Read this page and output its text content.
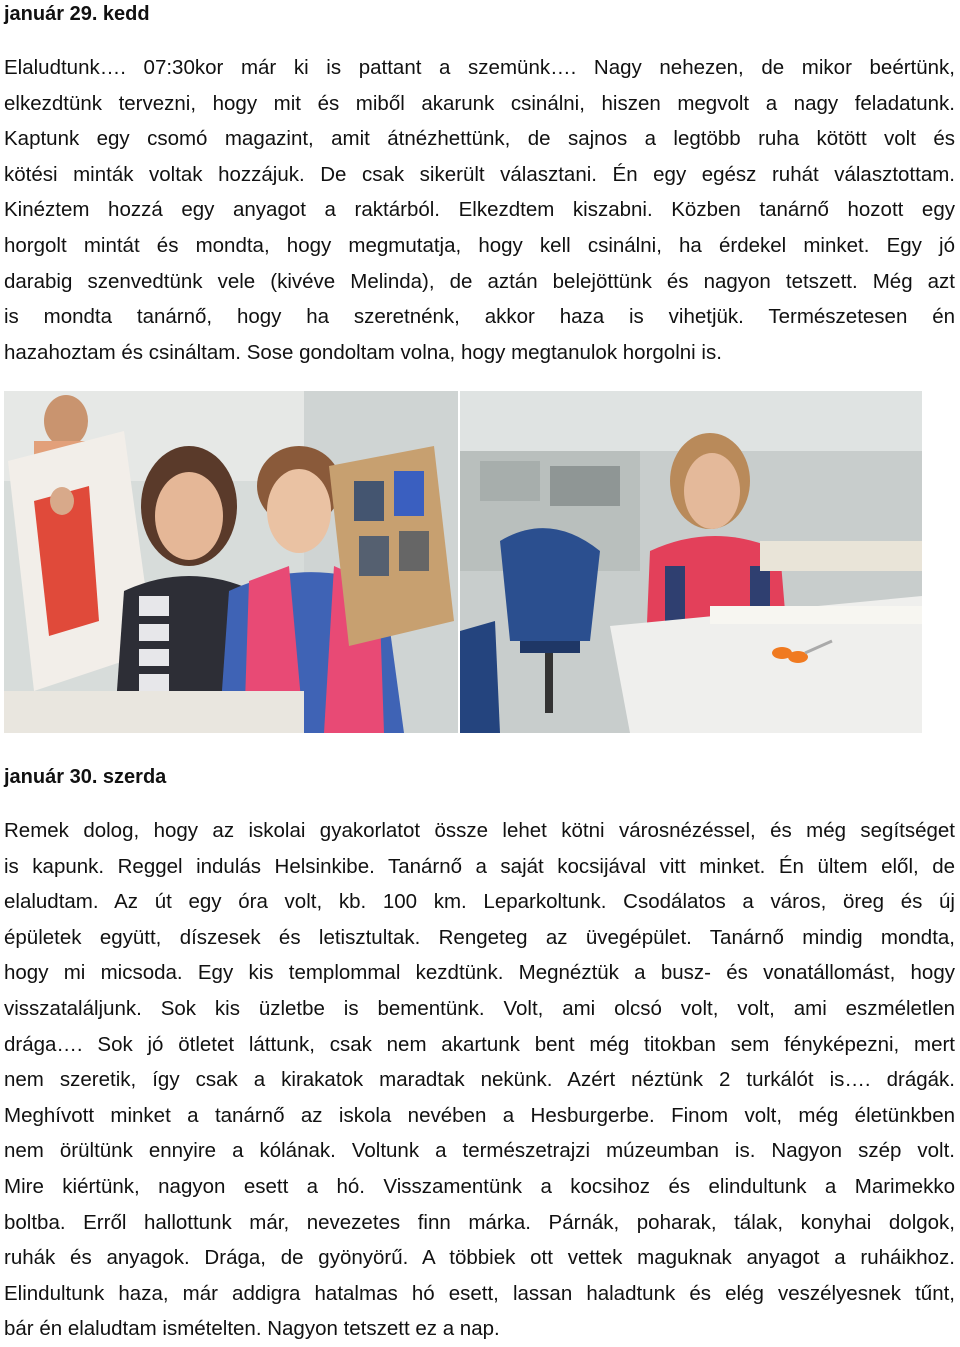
január 29. kedd
Elaludtunk…. 07:30kor már ki is pattant a szemünk…. Nagy nehezen, de mikor beértünk,
elkezdtünk tervezni, hogy mit és miből akarunk csinálni, hiszen megvolt a nagy feladatunk.
Kaptunk egy csomó magazint, amit átnézhettünk, de sajnos a legtöbb ruha kötött volt és
kötési minták voltak hozzájuk. De csak sikerült választani. Én egy egész ruhát választottam.
Kinéztem hozzá egy anyagot a raktárból. Elkezdtem kiszabni. Közben tanárnő hozott egy
horgolt mintát és mondta, hogy megmutatja, hogy kell csinálni, ha érdekel minket. Egy jó
darabig szenvedtünk vele (kivéve Melinda), de aztán belejöttünk és nagyon tetszett. Még azt
is mondta tanárnő, hogy ha szeretnénk, akkor haza is vihetjük. Természetesen én
hazahoztam és csináltam. Sose gondoltam volna, hogy megtanulok horgolni is.
január 30. szerda
Remek dolog, hogy az iskolai gyakorlatot össze lehet kötni városnézéssel, és még segítséget
is kapunk. Reggel indulás Helsinkibe. Tanárnő a saját kocsijával vitt minket. Én ültem elől, de
elaludtam. Az út egy óra volt, kb. 100 km. Leparkoltunk. Csodálatos a város, öreg és új
épületek együtt, díszesek és letisztultak. Rengeteg az üvegépület. Tanárnő mindig mondta,
hogy mi micsoda. Egy kis templommal kezdtünk. Megnéztük a busz- és vonatállomást, hogy
visszataláljunk. Sok kis üzletbe is bementünk. Volt, ami olcsó volt, volt, ami eszméletlen
drága…. Sok jó ötletet láttunk, csak nem akartunk bent még titokban sem fényképezni, mert
nem szeretik, így csak a kirakatok maradtak nekünk. Azért néztünk 2 turkálót is…. drágák.
Meghívott minket a tanárnő az iskola nevében a Hesburgerbe. Finom volt, még életünkben
nem örültünk ennyire a kólának. Voltunk a természetrajzi múzeumban is. Nagyon szép volt.
Mire kiértünk, nagyon esett a hó. Visszamentünk a kocsihoz és elindultunk a Marimekko
boltba. Erről hallottunk már, nevezetes finn márka. Párnák, poharak, tálak, konyhai dolgok,
ruhák és anyagok. Drága, de gyönyörű. A többiek ott vettek maguknak anyagot a ruháikhoz.
Elindultunk haza, már addigra hatalmas hó esett, lassan haladtunk és elég veszélyesnek tűnt,
bár én elaludtam ismételten. Nagyon tetszett ez a nap.
